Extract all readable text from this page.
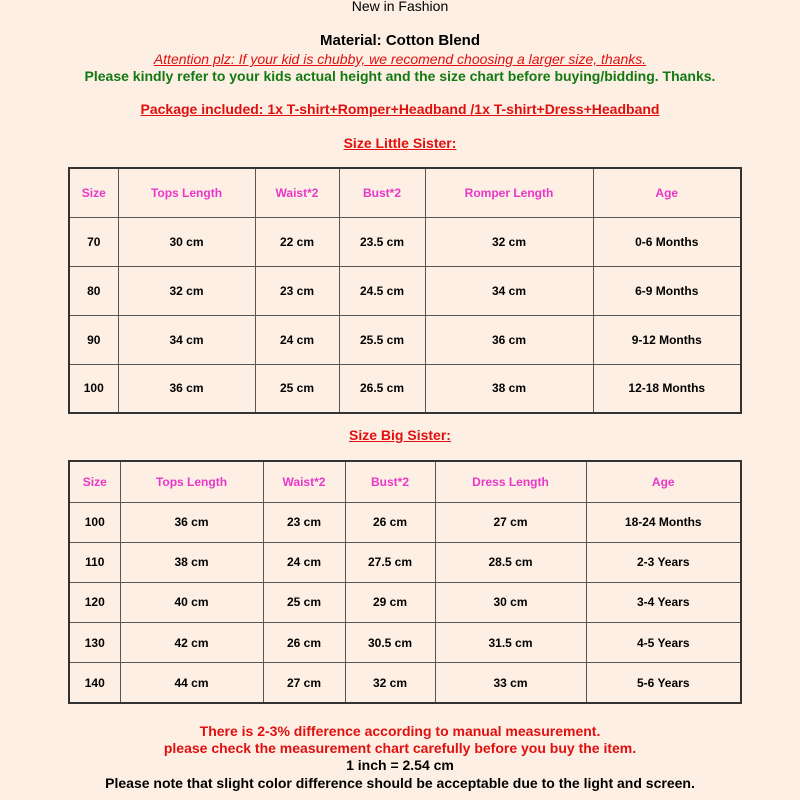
New in Fashion
Material: Cotton Blend
Attention plz: If your kid is chubby, we recomend choosing a larger size, thanks.
Please kindly refer to your kids actual height and the size chart before buying/bidding. Thanks.
Package included: 1x T-shirt+Romper+Headband /1x T-shirt+Dress+Headband
Size Little Sister:
Size	Tops Length	Waist*2	Bust*2	Romper Length	Age
70	30 cm	22 cm	23.5 cm	32 cm	0-6 Months
80	32 cm	23 cm	24.5 cm	34 cm	6-9 Months
90	34 cm	24 cm	25.5 cm	36 cm	9-12 Months
100	36 cm	25 cm	26.5 cm	38 cm	12-18 Months
Size Big Sister:
Size	Tops Length	Waist*2	Bust*2	Dress Length	Age
100	36 cm	23 cm	26 cm	27 cm	18-24 Months
110	38 cm	24 cm	27.5 cm	28.5 cm	2-3 Years
120	40 cm	25 cm	29 cm	30 cm	3-4 Years
130	42 cm	26 cm	30.5 cm	31.5 cm	4-5 Years
140	44 cm	27 cm	32 cm	33 cm	5-6 Years
There is 2-3% difference according to manual measurement.
please check the measurement chart carefully before you buy the item.
1 inch = 2.54 cm
Please note that slight color difference should be acceptable due to the light and screen.
